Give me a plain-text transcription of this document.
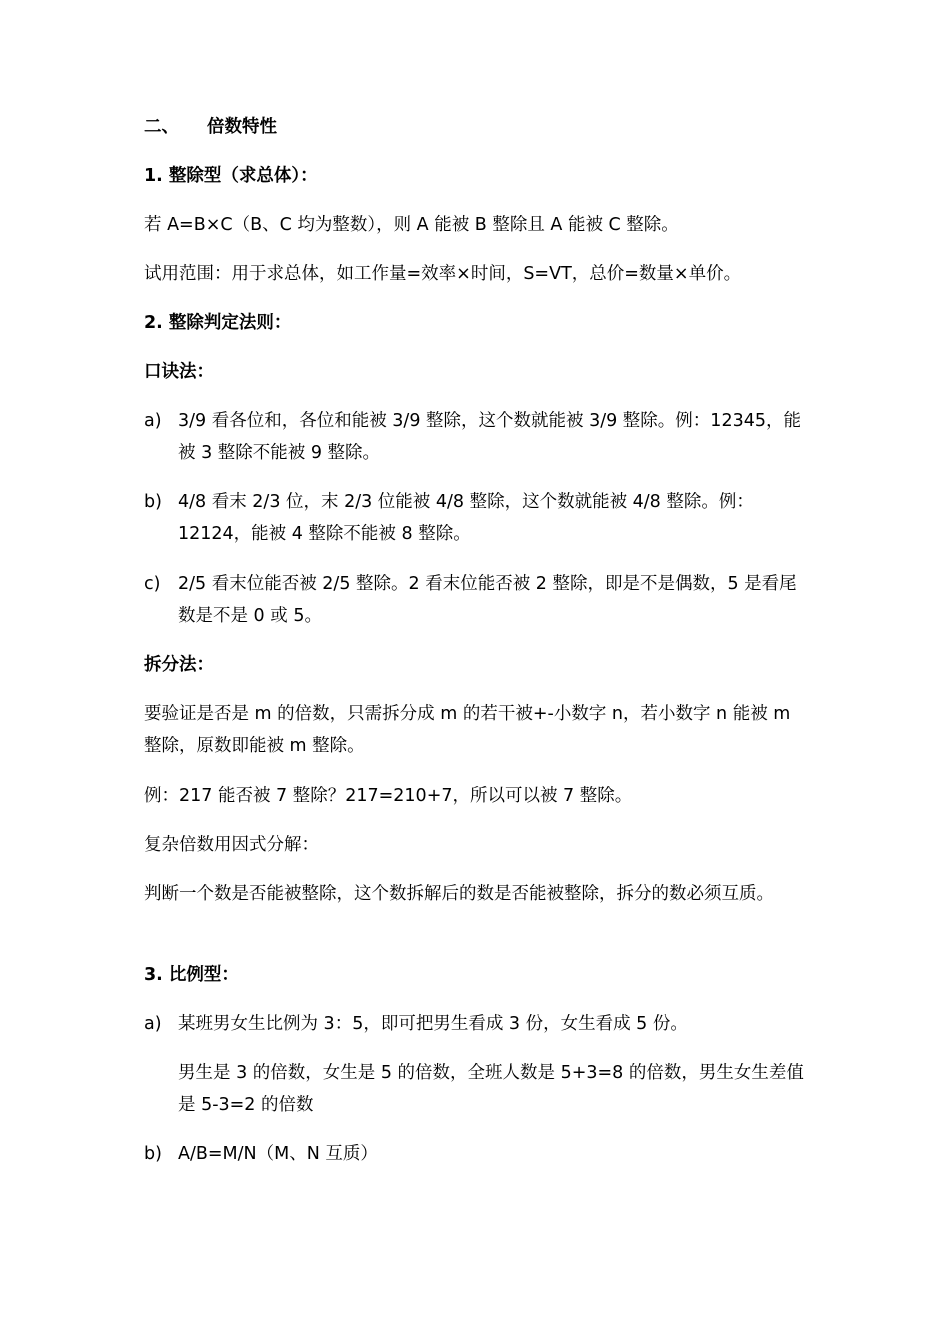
二、 倍数特性
1. 整除型（求总体）：
若 A=B×C（B、C 均为整数），则 A 能被 B 整除且 A 能被 C 整除。
试用范围：用于求总体，如工作量=效率×时间，S=VT，总价=数量×单价。
2. 整除判定法则：
口诀法：
a) 3/9 看各位和，各位和能被 3/9 整除，这个数就能被 3/9 整除。例：12345，能被 3 整除不能被 9 整除。
b) 4/8 看末 2/3 位，末 2/3 位能被 4/8 整除，这个数就能被 4/8 整除。例：12124，能被 4 整除不能被 8 整除。
c)	2/5 看末位能否被 2/5 整除。2 看末位能否被 2 整除，即是不是偶数，5 是看尾数是不是 0 或 5。
拆分法：
要验证是否是 m 的倍数，只需拆分成 m 的若干被+-小数字 n，若小数字 n 能被 m 整除，原数即能被 m 整除。
例：217 能否被 7 整除？217=210+7，所以可以被 7 整除。
复杂倍数用因式分解：
判断一个数是否能被整除，这个数拆解后的数是否能被整除，拆分的数必须互质。
3. 比例型：
a) 某班男女生比例为 3：5，即可把男生看成 3 份，女生看成 5 份。
男生是 3 的倍数，女生是 5 的倍数，全班人数是 5+3=8 的倍数，男生女生差值是 5-3=2 的倍数
b) A/B=M/N（M、N 互质）
